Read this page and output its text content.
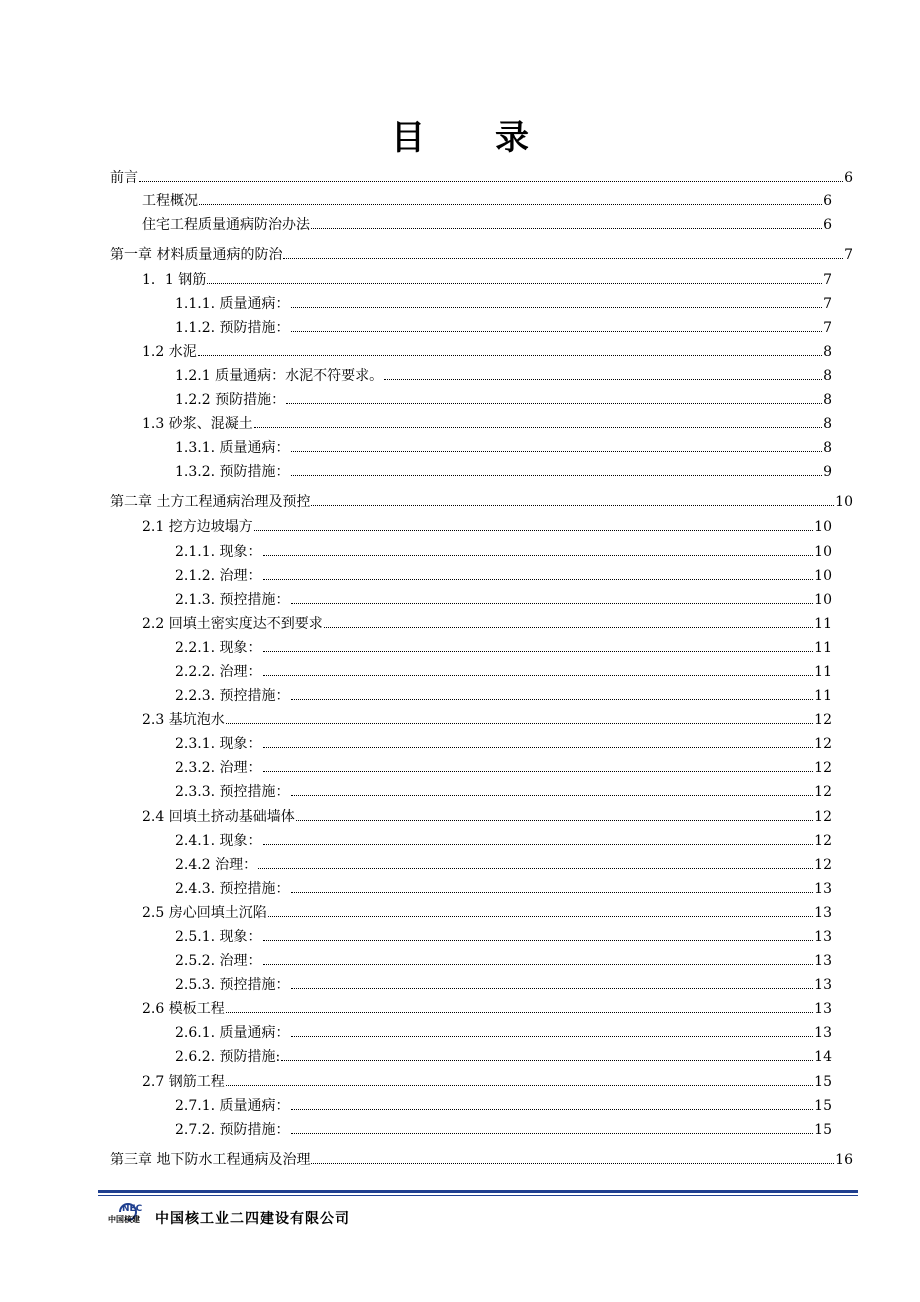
目 录
前言	6
工程概况	6
住宅工程质量通病防治办法	6
第一章 材料质量通病的防治	7
1．1 钢筋	7
1.1.1. 质量通病：	7
1.1.2. 预防措施：	7
1.2 水泥	8
1.2.1 质量通病：水泥不符要求。	8
1.2.2 预防措施：	8
1.3 砂浆、混凝土	8
1.3.1. 质量通病：	8
1.3.2. 预防措施：	9
第二章 土方工程通病治理及预控	10
2.1 挖方边坡塌方	10
2.1.1. 现象：	10
2.1.2. 治理：	10
2.1.3. 预控措施：	10
2.2 回填土密实度达不到要求	11
2.2.1. 现象：	11
2.2.2. 治理：	11
2.2.3. 预控措施：	11
2.3 基坑泡水	12
2.3.1. 现象：	12
2.3.2. 治理：	12
2.3.3. 预控措施：	12
2.4 回填土挤动基础墙体	12
2.4.1. 现象：	12
2.4.2 治理：	12
2.4.3. 预控措施：	13
2.5 房心回填土沉陷	13
2.5.1. 现象：	13
2.5.2. 治理：	13
2.5.3. 预控措施：	13
2.6 模板工程	13
2.6.1. 质量通病：	13
2.6.2. 预防措施:	14
2.7 钢筋工程	15
2.7.1. 质量通病：	15
2.7.2. 预防措施：	15
第三章 地下防水工程通病及治理	16
NEC
中国核建 中国核工业二四建设有限公司
